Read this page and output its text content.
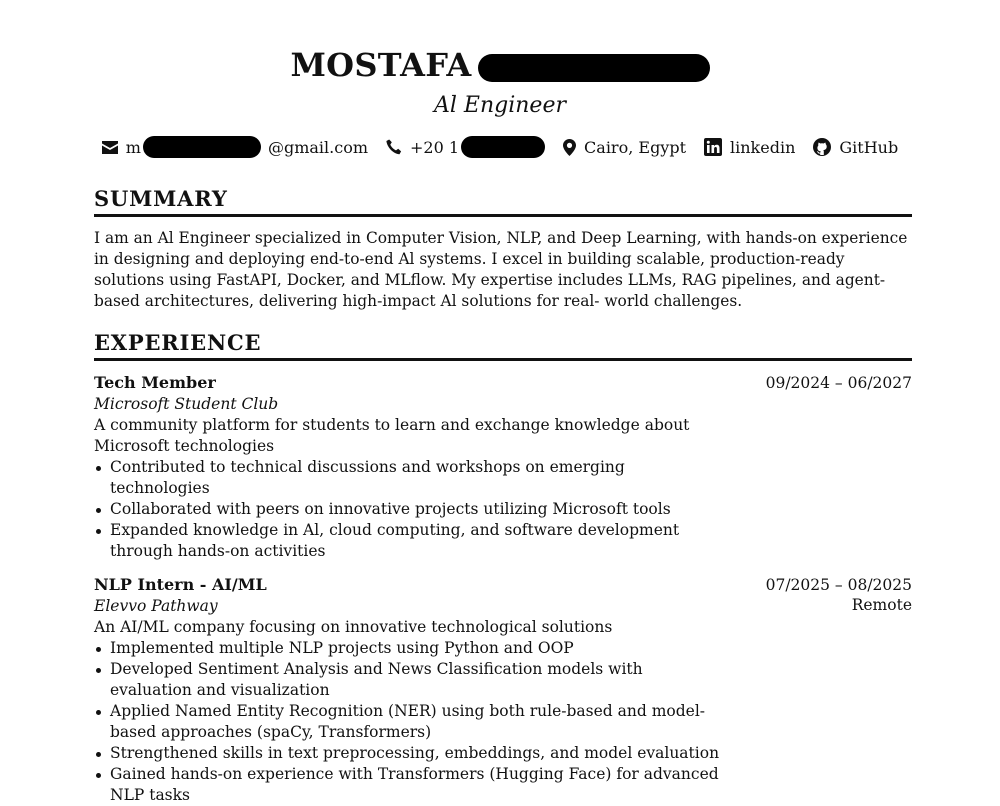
MOSTAFA
Al Engineer
m	@gmail.com	+20 1	Cairo, Egypt	linkedin	GitHub
SUMMARY
I am an Al Engineer specialized in Computer Vision, NLP, and Deep Learning, with hands-on experience in designing and deploying end-to-end Al systems. I excel in building scalable, production-ready solutions using FastAPI, Docker, and MLflow. My expertise includes LLMs, RAG pipelines, and agent-based architectures, delivering high-impact Al solutions for real- world challenges.
EXPERIENCE
Tech Member	09/2024 – 06/2027
Microsoft Student Club
A community platform for students to learn and exchange knowledge about Microsoft technologies
Contributed to technical discussions and workshops on emerging technologies
Collaborated with peers on innovative projects utilizing Microsoft tools
Expanded knowledge in Al, cloud computing, and software development through hands-on activities
NLP Intern - AI/ML	07/2025 – 08/2025
Remote
Elevvo Pathway
An AI/ML company focusing on innovative technological solutions
Implemented multiple NLP projects using Python and OOP
Developed Sentiment Analysis and News Classification models with evaluation and visualization
Applied Named Entity Recognition (NER) using both rule-based and model-based approaches (spaCy, Transformers)
Strengthened skills in text preprocessing, embeddings, and model evaluation
Gained hands-on experience with Transformers (Hugging Face) for advanced NLP tasks
